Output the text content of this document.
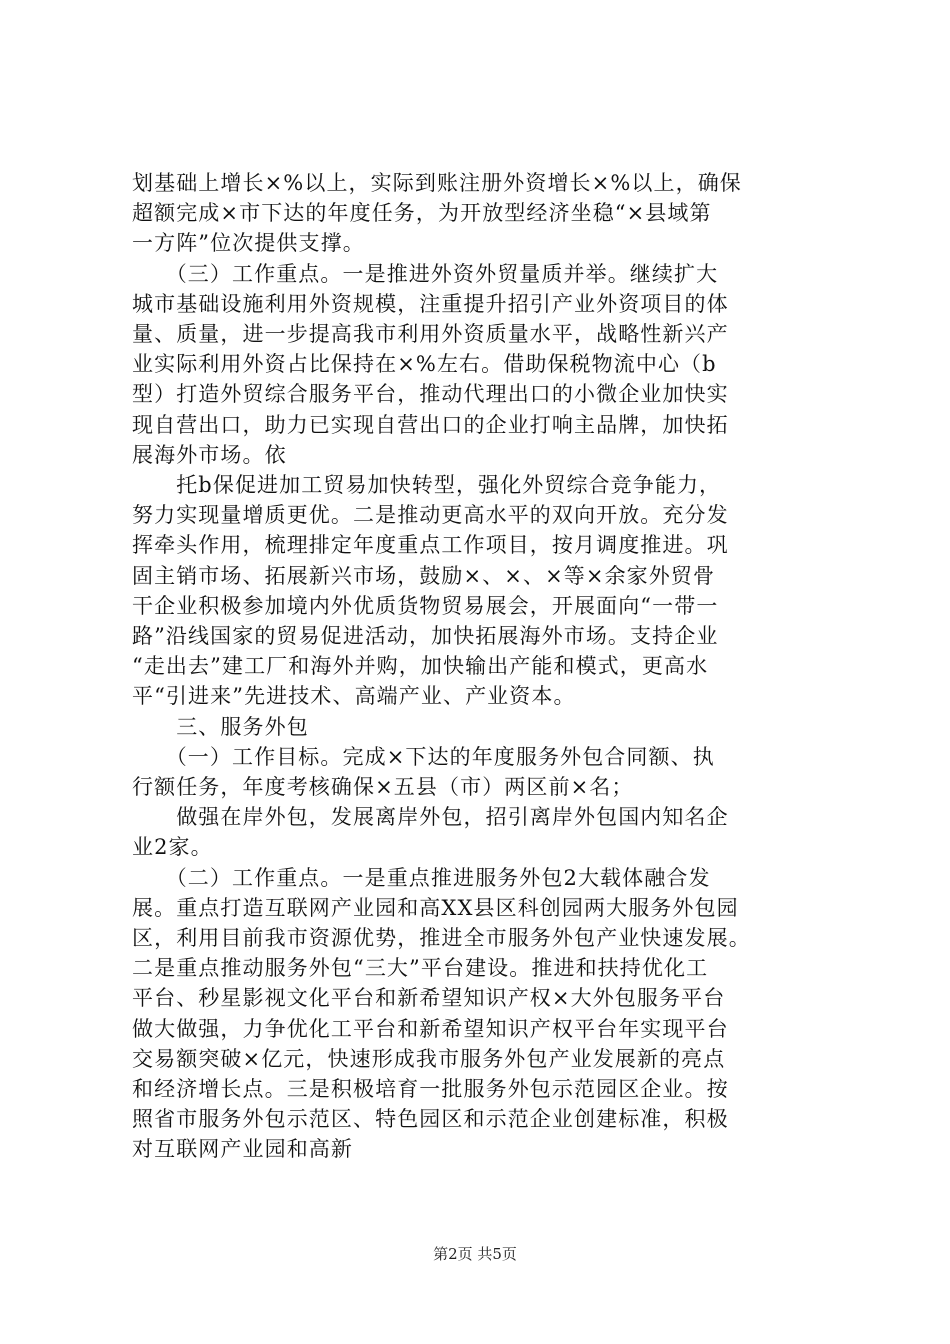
划基础上增长×%以上，实际到账注册外资增长×%以上，确保
超额完成×市下达的年度任务，为开放型经济坐稳“×县域第
一方阵”位次提供支撑。
　　（三）工作重点。一是推进外资外贸量质并举。继续扩大
城市基础设施利用外资规模，注重提升招引产业外资项目的体
量、质量，进一步提高我市利用外资质量水平，战略性新兴产
业实际利用外资占比保持在×%左右。借助保税物流中心（b
型）打造外贸综合服务平台，推动代理出口的小微企业加快实
现自营出口，助力已实现自营出口的企业打响主品牌，加快拓
展海外市场。依
　　托b保促进加工贸易加快转型，强化外贸综合竞争能力，
努力实现量增质更优。二是推动更高水平的双向开放。充分发
挥牵头作用，梳理排定年度重点工作项目，按月调度推进。巩
固主销市场、拓展新兴市场，鼓励×、×、×等×余家外贸骨
干企业积极参加境内外优质货物贸易展会，开展面向“一带一
路”沿线国家的贸易促进活动，加快拓展海外市场。支持企业
“走出去”建工厂和海外并购，加快输出产能和模式，更高水
平“引进来”先进技术、高端产业、产业资本。
　　三、服务外包
　　（一）工作目标。完成×下达的年度服务外包合同额、执
行额任务，年度考核确保×五县（市）两区前×名；
　　做强在岸外包，发展离岸外包，招引离岸外包国内知名企
业2家。
　　（二）工作重点。一是重点推进服务外包2大载体融合发
展。重点打造互联网产业园和高XX县区科创园两大服务外包园
区，利用目前我市资源优势，推进全市服务外包产业快速发展。
二是重点推动服务外包“三大”平台建设。推进和扶持优化工
平台、秒星影视文化平台和新希望知识产权×大外包服务平台
做大做强，力争优化工平台和新希望知识产权平台年实现平台
交易额突破×亿元，快速形成我市服务外包产业发展新的亮点
和经济增长点。三是积极培育一批服务外包示范园区企业。按
照省市服务外包示范区、特色园区和示范企业创建标准，积极
对互联网产业园和高新
第2页 共5页
